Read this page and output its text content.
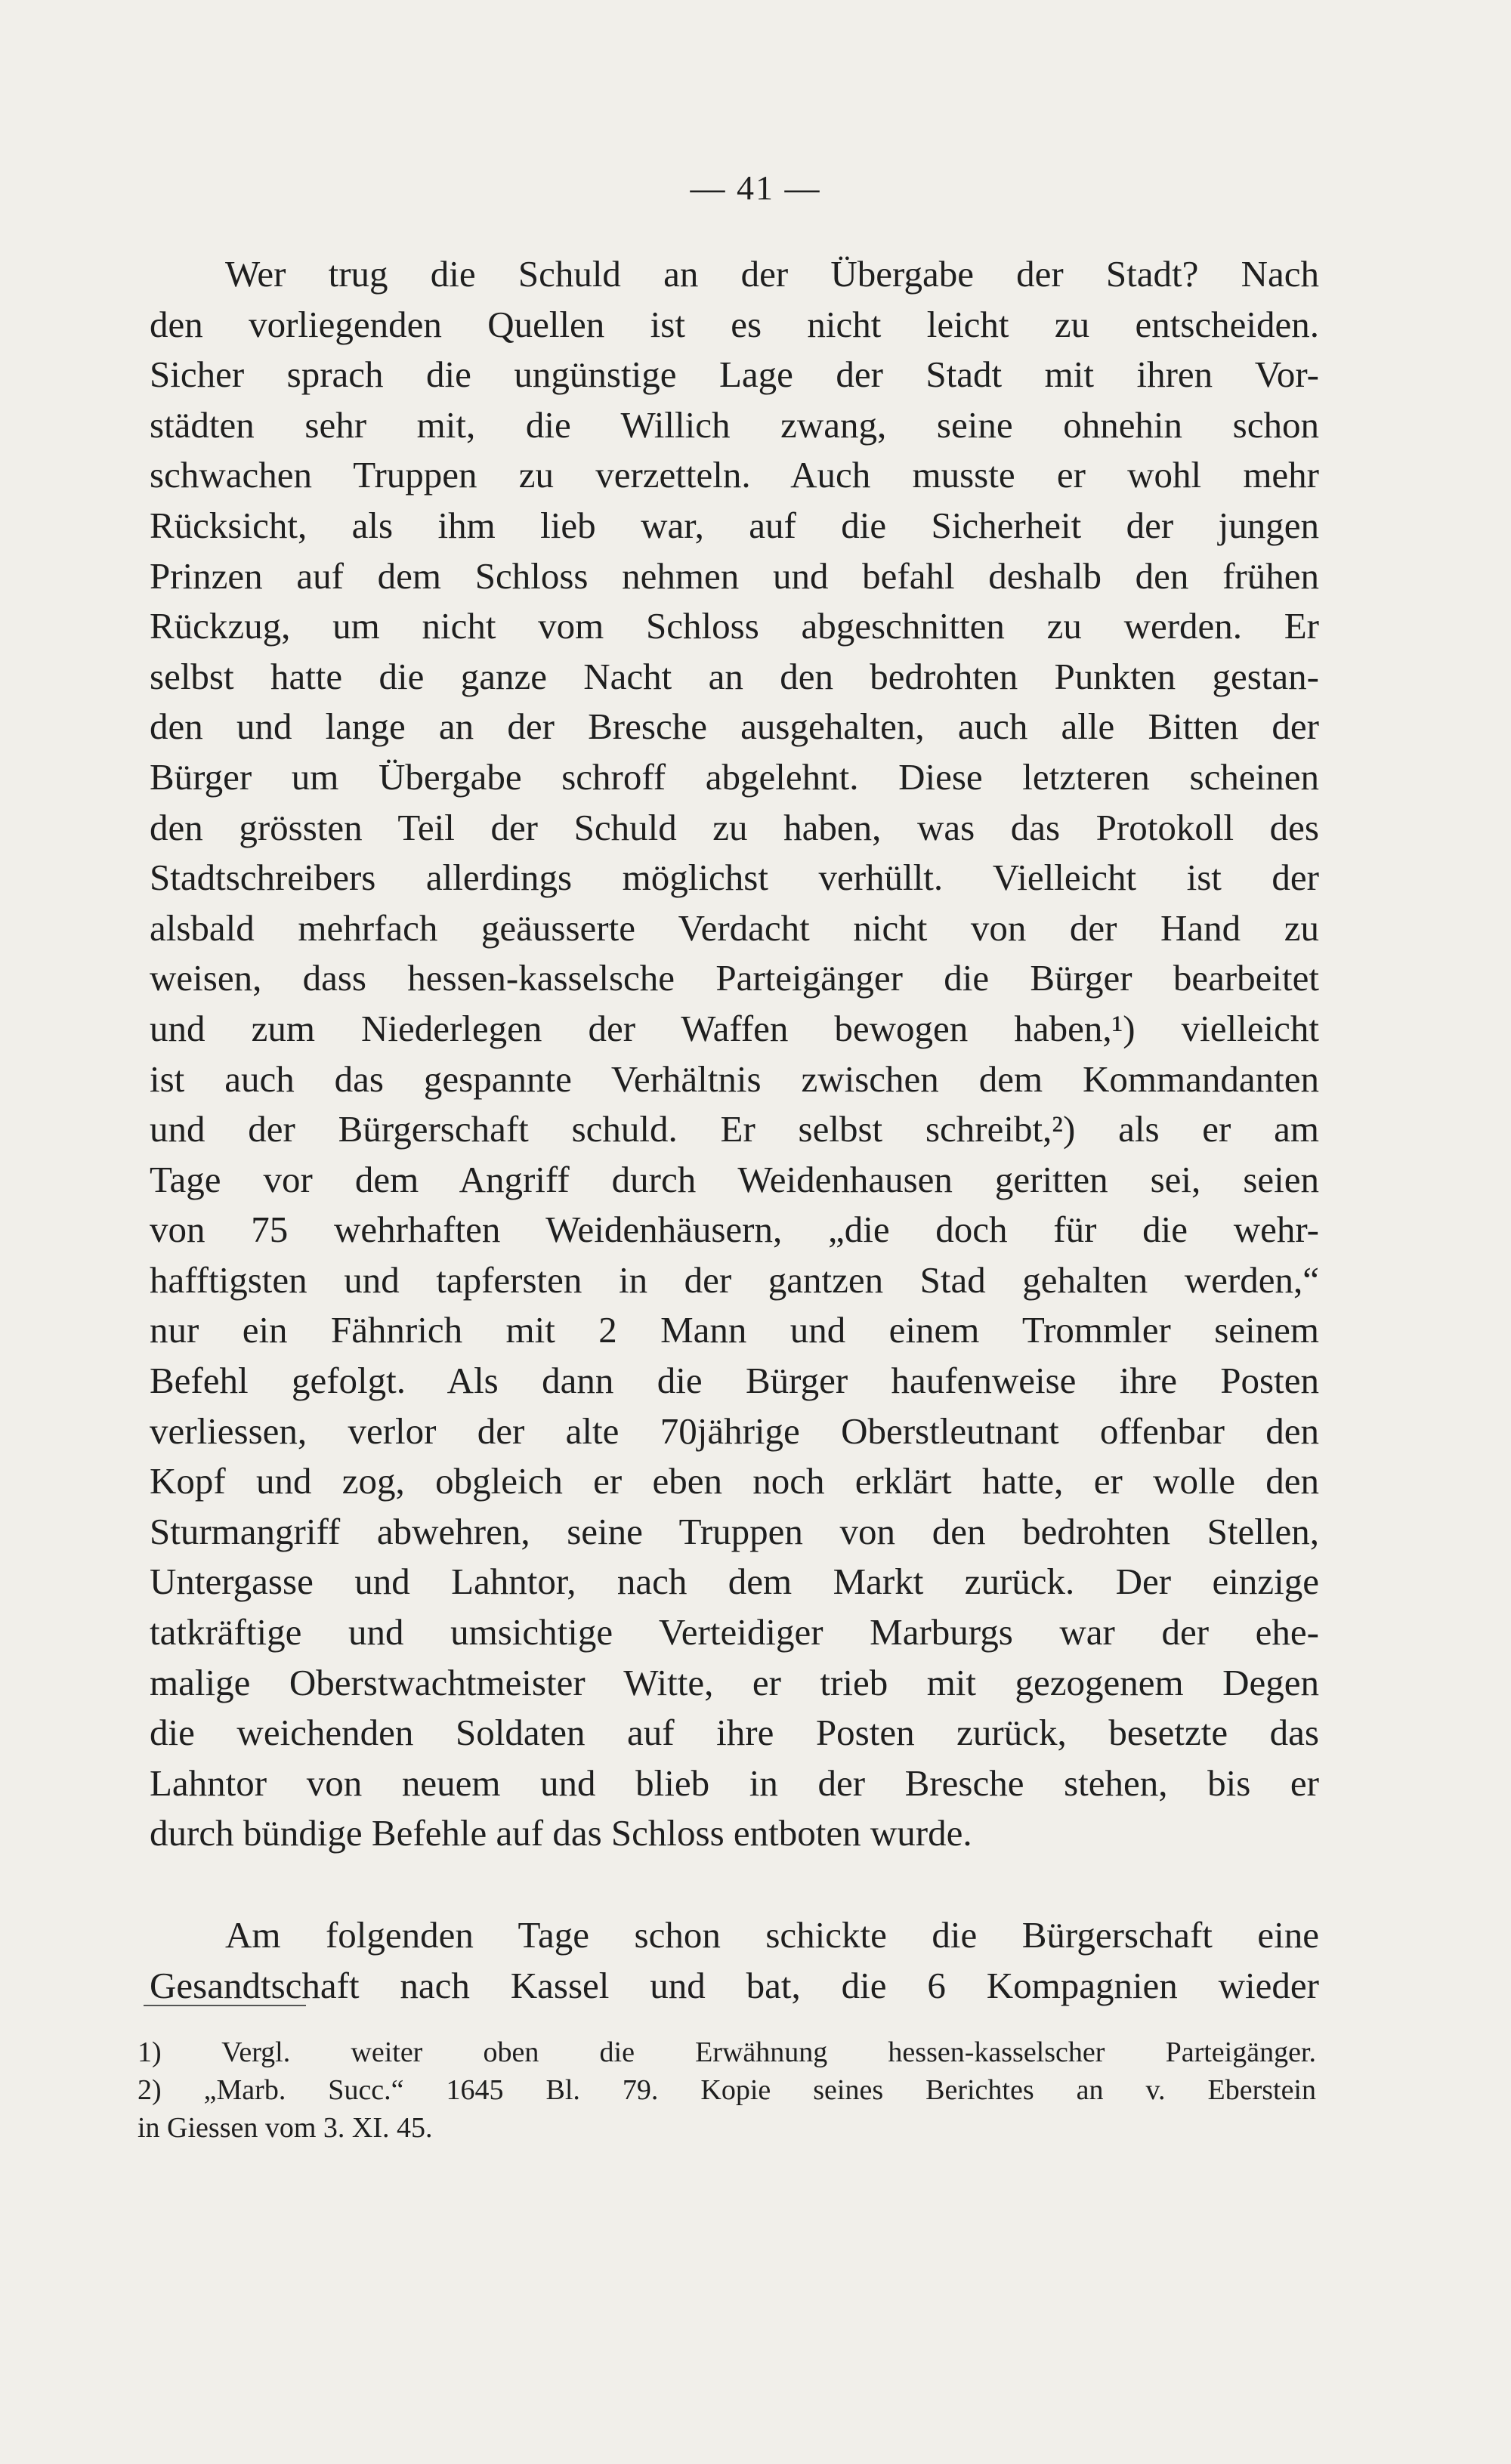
— 41 —
Wer trug die Schuld an der Übergabe der Stadt? Nach
den vorliegenden Quellen ist es nicht leicht zu entscheiden.
Sicher sprach die ungünstige Lage der Stadt mit ihren Vor-
städten sehr mit, die Willich zwang, seine ohnehin schon
schwachen Truppen zu verzetteln. Auch musste er wohl mehr
Rücksicht, als ihm lieb war, auf die Sicherheit der jungen
Prinzen auf dem Schloss nehmen und befahl deshalb den frühen
Rückzug, um nicht vom Schloss abgeschnitten zu werden. Er
selbst hatte die ganze Nacht an den bedrohten Punkten gestan-
den und lange an der Bresche ausgehalten, auch alle Bitten der
Bürger um Übergabe schroff abgelehnt. Diese letzteren scheinen
den grössten Teil der Schuld zu haben, was das Protokoll des
Stadtschreibers allerdings möglichst verhüllt. Vielleicht ist der
alsbald mehrfach geäusserte Verdacht nicht von der Hand zu
weisen, dass hessen-kasselsche Parteigänger die Bürger bearbeitet
und zum Niederlegen der Waffen bewogen haben,¹) vielleicht
ist auch das gespannte Verhältnis zwischen dem Kommandanten
und der Bürgerschaft schuld. Er selbst schreibt,²) als er am
Tage vor dem Angriff durch Weidenhausen geritten sei, seien
von 75 wehrhaften Weidenhäusern, „die doch für die wehr-
hafftigsten und tapfersten in der gantzen Stad gehalten werden,“
nur ein Fähnrich mit 2 Mann und einem Trommler seinem
Befehl gefolgt. Als dann die Bürger haufenweise ihre Posten
verliessen, verlor der alte 70jährige Oberstleutnant offenbar den
Kopf und zog, obgleich er eben noch erklärt hatte, er wolle den
Sturmangriff abwehren, seine Truppen von den bedrohten Stellen,
Untergasse und Lahntor, nach dem Markt zurück. Der einzige
tatkräftige und umsichtige Verteidiger Marburgs war der ehe-
malige Oberstwachtmeister Witte, er trieb mit gezogenem Degen
die weichenden Soldaten auf ihre Posten zurück, besetzte das
Lahntor von neuem und blieb in der Bresche stehen, bis er
durch bündige Befehle auf das Schloss entboten wurde.
Am folgenden Tage schon schickte die Bürgerschaft eine
Gesandtschaft nach Kassel und bat, die 6 Kompagnien wieder
1) Vergl. weiter oben die Erwähnung hessen-kasselscher Parteigänger.
2) „Marb. Succ.“ 1645 Bl. 79. Kopie seines Berichtes an v. Eberstein
in Giessen vom 3. XI. 45.
